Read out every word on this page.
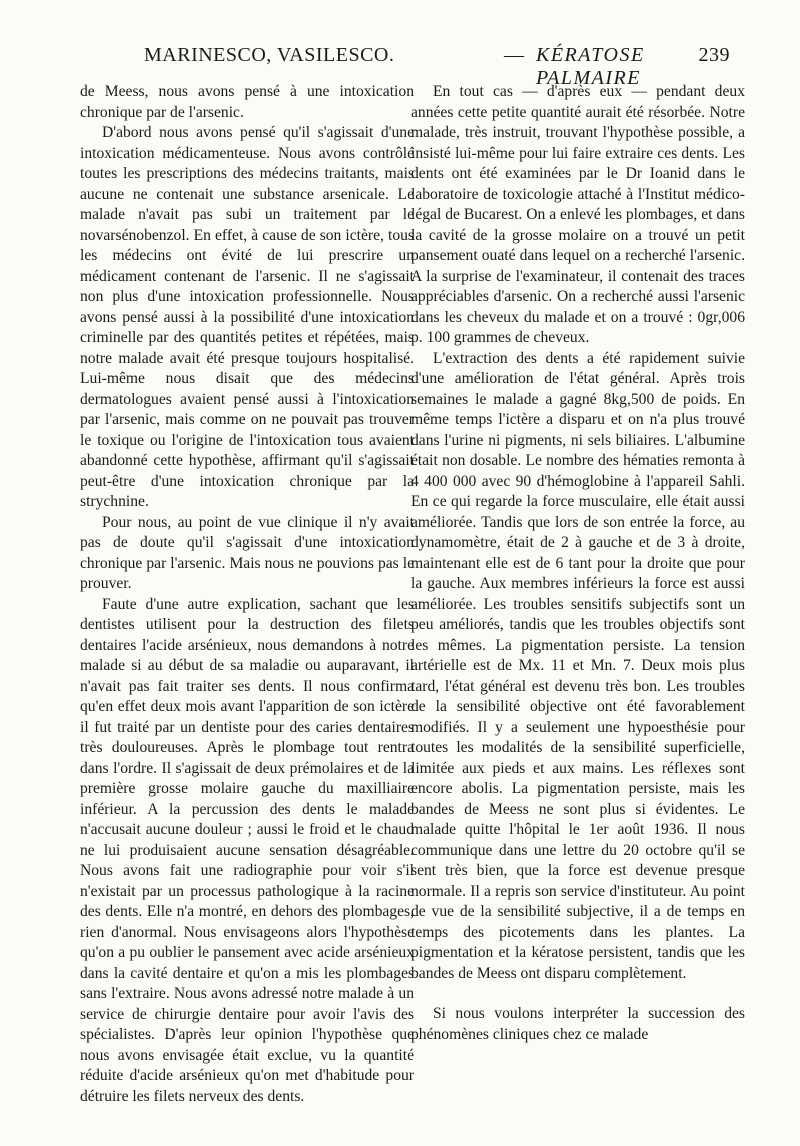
MARINESCO, VASILESCO.	— KÉRATOSE PALMAIRE
239

de Meess, nous avons pensé à une intoxication chronique par de l'arsenic.

D'abord nous avons pensé qu'il s'agissait d'une intoxication médicamenteuse. Nous avons contrôlé toutes les prescriptions des médecins traitants, mais aucune ne contenait une substance arsenicale. Le malade n'avait pas subi un traitement par le novarsénobenzol. En effet, à cause de son ictère, tous les médecins ont évité de lui prescrire un médicament contenant de l'arsenic. Il ne s'agissait non plus d'une intoxication professionnelle. Nous avons pensé aussi à la possibilité d'une intoxication criminelle par des quantités petites et répétées, mais notre malade avait été presque toujours hospitalisé. Lui-même nous disait que des médecins dermatologues avaient pensé aussi à l'intoxication par l'arsenic, mais comme on ne pouvait pas trouver le toxique ou l'origine de l'intoxication tous avaient abandonné cette hypothèse, affirmant qu'il s'agissait peut-être d'une intoxication chronique par la strychnine.

Pour nous, au point de vue clinique il n'y avait pas de doute qu'il s'agissait d'une intoxication chronique par l'arsenic. Mais nous ne pouvions pas le prouver.

Faute d'une autre explication, sachant que les dentistes utilisent pour la destruction des filets dentaires l'acide arsénieux, nous demandons à notre malade si au début de sa maladie ou auparavant, il n'avait pas fait traiter ses dents. Il nous confirma qu'en effet deux mois avant l'apparition de son ictère il fut traité par un dentiste pour des caries dentaires très douloureuses. Après le plombage tout rentra dans l'ordre. Il s'agissait de deux prémolaires et de la première grosse molaire gauche du maxilliaire inférieur. A la percussion des dents le malade n'accusait aucune douleur ; aussi le froid et le chaud ne lui produisaient aucune sensation désagréable. Nous avons fait une radiographie pour voir s'il n'existait par un processus pathologique à la racine des dents. Elle n'a montré, en dehors des plombages, rien d'anormal. Nous envisageons alors l'hypothèse qu'on a pu oublier le pansement avec acide arsénieux dans la cavité dentaire et qu'on a mis les plombages sans l'extraire. Nous avons adressé notre malade à un service de chirurgie dentaire pour avoir l'avis des spécialistes. D'après leur opinion l'hypothèse que nous avons envisagée était exclue, vu la quantité réduite d'acide arsénieux qu'on met d'habitude pour détruire les filets nerveux des dents.

En tout cas — d'après eux — pendant deux années cette petite quantité aurait été résorbée. Notre malade, très instruit, trouvant l'hypothèse possible, a insisté lui-même pour lui faire extraire ces dents. Les dents ont été examinées par le Dr Ioanid dans le laboratoire de toxicologie attaché à l'Institut médico-légal de Bucarest. On a enlevé les plombages, et dans la cavité de la grosse molaire on a trouvé un petit pansement ouaté dans lequel on a recherché l'arsenic. A la surprise de l'examinateur, il contenait des traces appréciables d'arsenic. On a recherché aussi l'arsenic dans les cheveux du malade et on a trouvé : 0gr,006 p. 100 grammes de cheveux.

L'extraction des dents a été rapidement suivie d'une amélioration de l'état général. Après trois semaines le malade a gagné 8kg,500 de poids. En même temps l'ictère a disparu et on n'a plus trouvé dans l'urine ni pigments, ni sels biliaires. L'albumine était non dosable. Le nombre des hématies remonta à 4 400 000 avec 90 d'hémoglobine à l'appareil Sahli. En ce qui regarde la force musculaire, elle était aussi améliorée. Tandis que lors de son entrée la force, au dynamomètre, était de 2 à gauche et de 3 à droite, maintenant elle est de 6 tant pour la droite que pour la gauche. Aux membres inférieurs la force est aussi améliorée. Les troubles sensitifs subjectifs sont un peu améliorés, tandis que les troubles objectifs sont les mêmes. La pigmentation persiste. La tension artérielle est de Mx. 11 et Mn. 7. Deux mois plus tard, l'état général est devenu très bon. Les troubles de la sensibilité objective ont été favorablement modifiés. Il y a seulement une hypoesthésie pour toutes les modalités de la sensibilité superficielle, limitée aux pieds et aux mains. Les réflexes sont encore abolis. La pigmentation persiste, mais les bandes de Meess ne sont plus si évidentes. Le malade quitte l'hôpital le 1er août 1936. Il nous communique dans une lettre du 20 octobre qu'il se sent très bien, que la force est devenue presque normale. Il a repris son service d'instituteur. Au point de vue de la sensibilité subjective, il a de temps en temps des picotements dans les plantes. La pigmentation et la kératose persistent, tandis que les bandes de Meess ont disparu complètement.

Si nous voulons interpréter la succession des phénomènes cliniques chez ce malade
